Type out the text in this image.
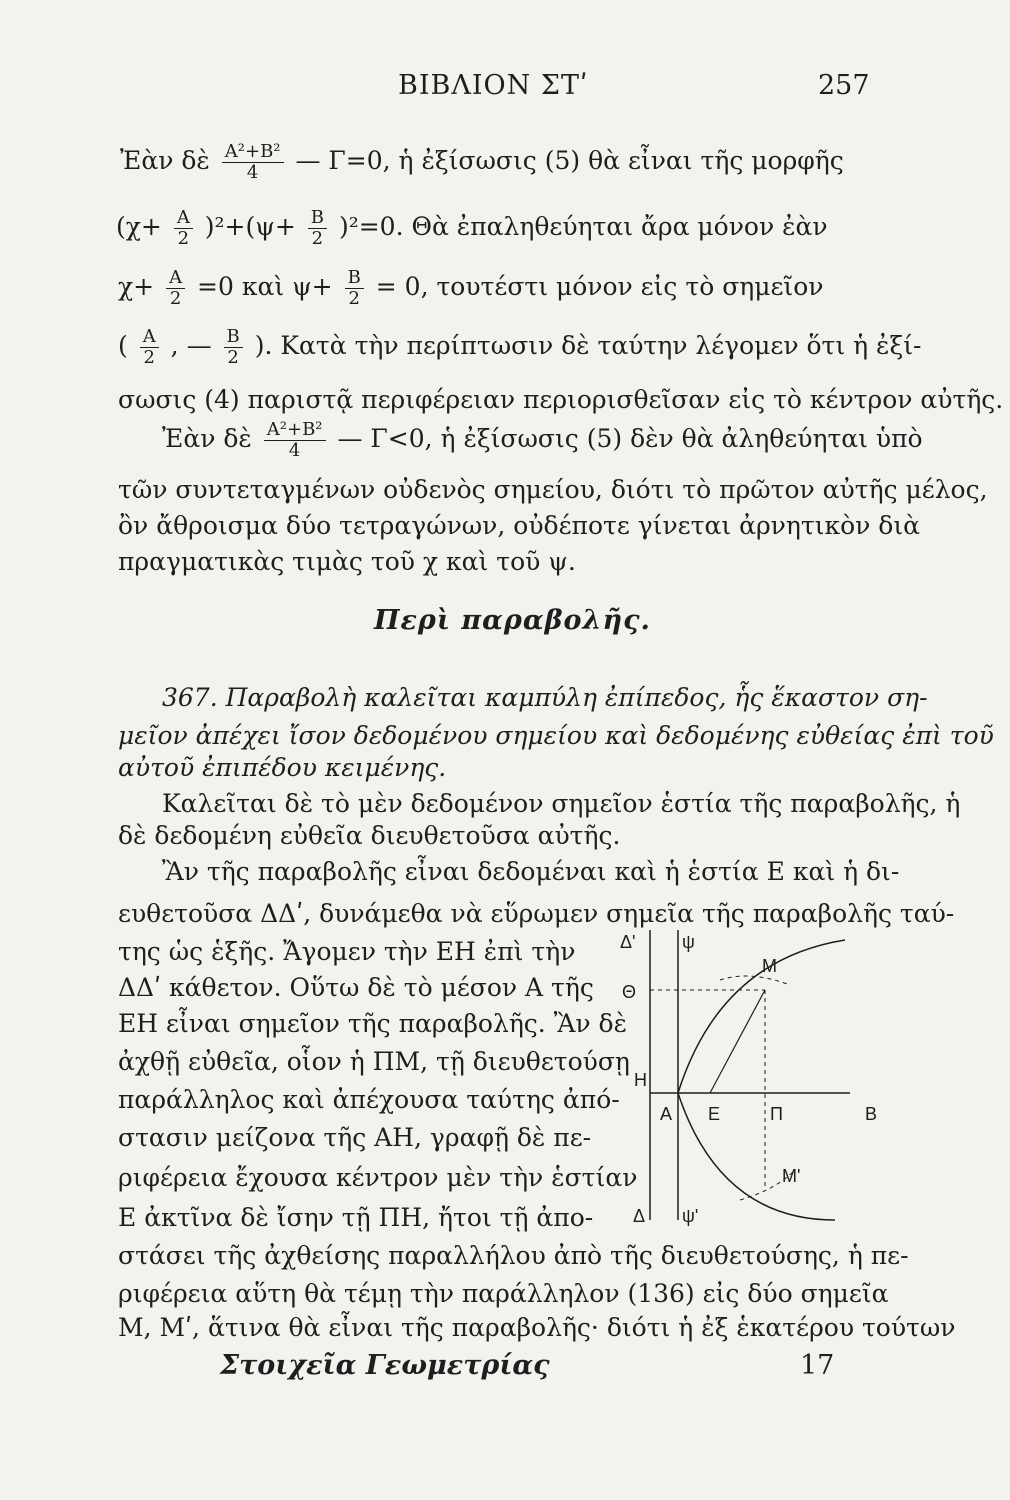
ΒΙΒΛΙΟΝ ΣΤʹ	257
Ἐὰν δὲ $\frac{\text{A²+B²}}{4}$ — Γ=0, ἡ ἐξίσωσις (5) θὰ εἶναι τῆς μορφῆς
$(\chi+ \frac{A}{2} )^2+(\psi+ \frac{B}{2} )^2=0$. Θὰ ἐπαληθεύηται ἄρα μόνον ἐὰν
$\chi+ \frac{A}{2} =0$ καὶ $\psi+ \frac{B}{2} = 0$, τουτέστι μόνον εἰς τὸ σημεῖον
( $\frac{A}{2}$ , — $\frac{B}{2}$ ). Κατὰ τὴν περίπτωσιν δὲ ταύτην λέγομεν ὅτι ἡ ἐξί-
σωσις (4) παριστᾷ περιφέρειαν περιορισθεῖσαν εἰς τὸ κέντρον αὐτῆς.
Ἐὰν δὲ $\frac{\text{A²+B²}}{4}$ — Γ<0, ἡ ἐξίσωσις (5) δὲν θὰ ἀληθεύηται ὑπὸ
τῶν συντεταγμένων οὐδενὸς σημείου, διότι τὸ πρῶτον αὐτῆς μέλος,
ὂν ἄθροισμα δύο τετραγώνων, οὐδέποτε γίνεται ἀρνητικὸν διὰ
πραγματικὰς τιμὰς τοῦ χ καὶ τοῦ ψ.
Περὶ παραβολῆς.
367. Παραβολὴ καλεῖται καμπύλη ἐπίπεδος, ἧς ἕκαστον ση-
μεῖον ἀπέχει ἴσον δεδομένου σημείου καὶ δεδομένης εὐθείας ἐπὶ τοῦ
αὐτοῦ ἐπιπέδου κειμένης.
Καλεῖται δὲ τὸ μὲν δεδομένον σημεῖον ἑστία τῆς παραβολῆς, ἡ
δὲ δεδομένη εὐθεῖα διευθετοῦσα αὐτῆς.
Ἂν τῆς παραβολῆς εἶναι δεδομέναι καὶ ἡ ἑστία Ε καὶ ἡ δι-
ευθετοῦσα ΔΔʹ, δυνάμεθα νὰ εὕρωμεν σημεῖα τῆς παραβολῆς ταύ-
της ὡς ἑξῆς. Ἄγομεν τὴν ΕΗ ἐπὶ τὴν
ΔΔʹ κάθετον. Οὕτω δὲ τὸ μέσον Α τῆς
ΕΗ εἶναι σημεῖον τῆς παραβολῆς. Ἂν δὲ
ἀχθῇ εὐθεῖα, οἷον ἡ ΠΜ, τῇ διευθετούσῃ
παράλληλος καὶ ἀπέχουσα ταύτης ἀπό-
στασιν μείζονα τῆς ΑΗ, γραφῇ δὲ πε-
ριφέρεια ἔχουσα κέντρον μὲν τὴν ἑστίαν
Ε ἀκτῖνα δὲ ἴσην τῇ ΠΗ, ἤτοι τῇ ἀπο-
στάσει τῆς ἀχθείσης παραλλήλου ἀπὸ τῆς διευθετούσης, ἡ πε-
ριφέρεια αὕτη θὰ τέμῃ τὴν παράλληλον (136) εἰς δύο σημεῖα
Μ, Μʹ, ἅτινα θὰ εἶναι τῆς παραβολῆς· διότι ἡ ἐξ ἑκατέρου τούτων
Δʹ	ψ
Μ
Θ
Η
Α Ε	Π	Β
Μʹ
Δ ψʹ
Στοιχεῖα Γεωμετρίας	17
